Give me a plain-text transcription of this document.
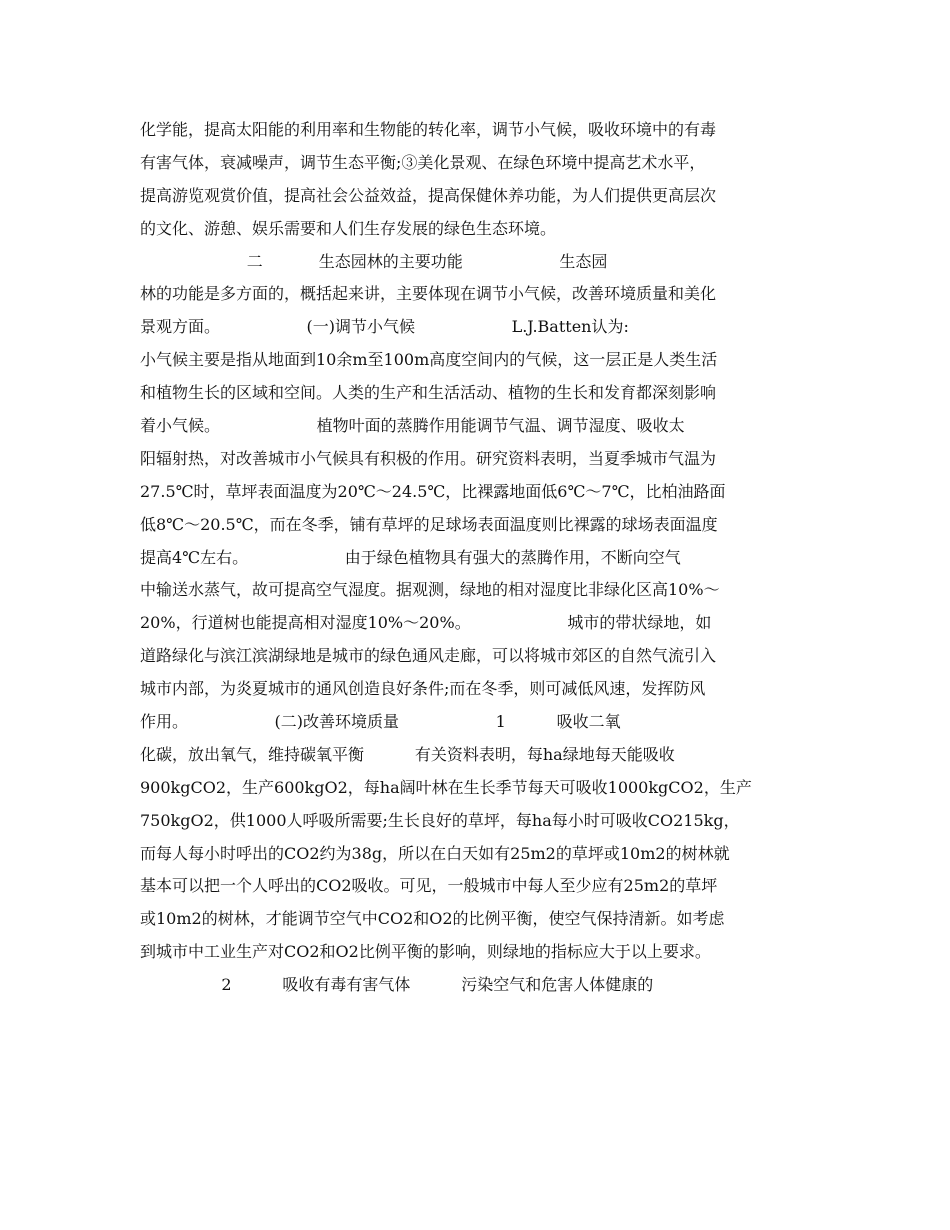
化学能，提高太阳能的利用率和生物能的转化率，调节小气候，吸收环境中的有毒
有害气体，衰减噪声，调节生态平衡;③美化景观、在绿色环境中提高艺术水平，
提高游览观赏价值，提高社会公益效益，提高保健休养功能，为人们提供更高层次
的文化、游憩、娱乐需要和人们生存发展的绿色生态环境。
二           生态园林的主要功能                   生态园
林的功能是多方面的，概括起来讲，主要体现在调节小气候，改善环境质量和美化
景观方面。                 (一)调节小气候                   L.J.Batten认为:
小气候主要是指从地面到10余m至100m高度空间内的气候，这一层正是人类生活
和植物生长的区域和空间。人类的生产和生活活动、植物的生长和发育都深刻影响
着小气候。                   植物叶面的蒸腾作用能调节气温、调节湿度、吸收太
阳辐射热，对改善城市小气候具有积极的作用。研究资料表明，当夏季城市气温为
27.5℃时，草坪表面温度为20℃～24.5℃，比裸露地面低6℃～7℃，比柏油路面
低8℃～20.5℃，而在冬季，铺有草坪的足球场表面温度则比裸露的球场表面温度
提高4℃左右。                   由于绿色植物具有强大的蒸腾作用，不断向空气
中输送水蒸气，故可提高空气湿度。据观测，绿地的相对湿度比非绿化区高10%～
20%，行道树也能提高相对湿度10%～20%。                   城市的带状绿地，如
道路绿化与滨江滨湖绿地是城市的绿色通风走廊，可以将城市郊区的自然气流引入
城市内部，为炎夏城市的通风创造良好条件;而在冬季，则可减低风速，发挥防风
作用。                 (二)改善环境质量                   1          吸收二氧
化碳，放出氧气，维持碳氧平衡          有关资料表明，每ha绿地每天能吸收
900kgCO2，生产600kgO2，每ha阔叶林在生长季节每天可吸收1000kgCO2，生产
750kgO2，供1000人呼吸所需要;生长良好的草坪，每ha每小时可吸收CO215kg，
而每人每小时呼出的CO2约为38g，所以在白天如有25m2的草坪或10m2的树林就
基本可以把一个人呼出的CO2吸收。可见，一般城市中每人至少应有25m2的草坪
或10m2的树林，才能调节空气中CO2和O2的比例平衡，使空气保持清新。如考虑
到城市中工业生产对CO2和O2比例平衡的影响，则绿地的指标应大于以上要求。
2          吸收有毒有害气体          污染空气和危害人体健康的
